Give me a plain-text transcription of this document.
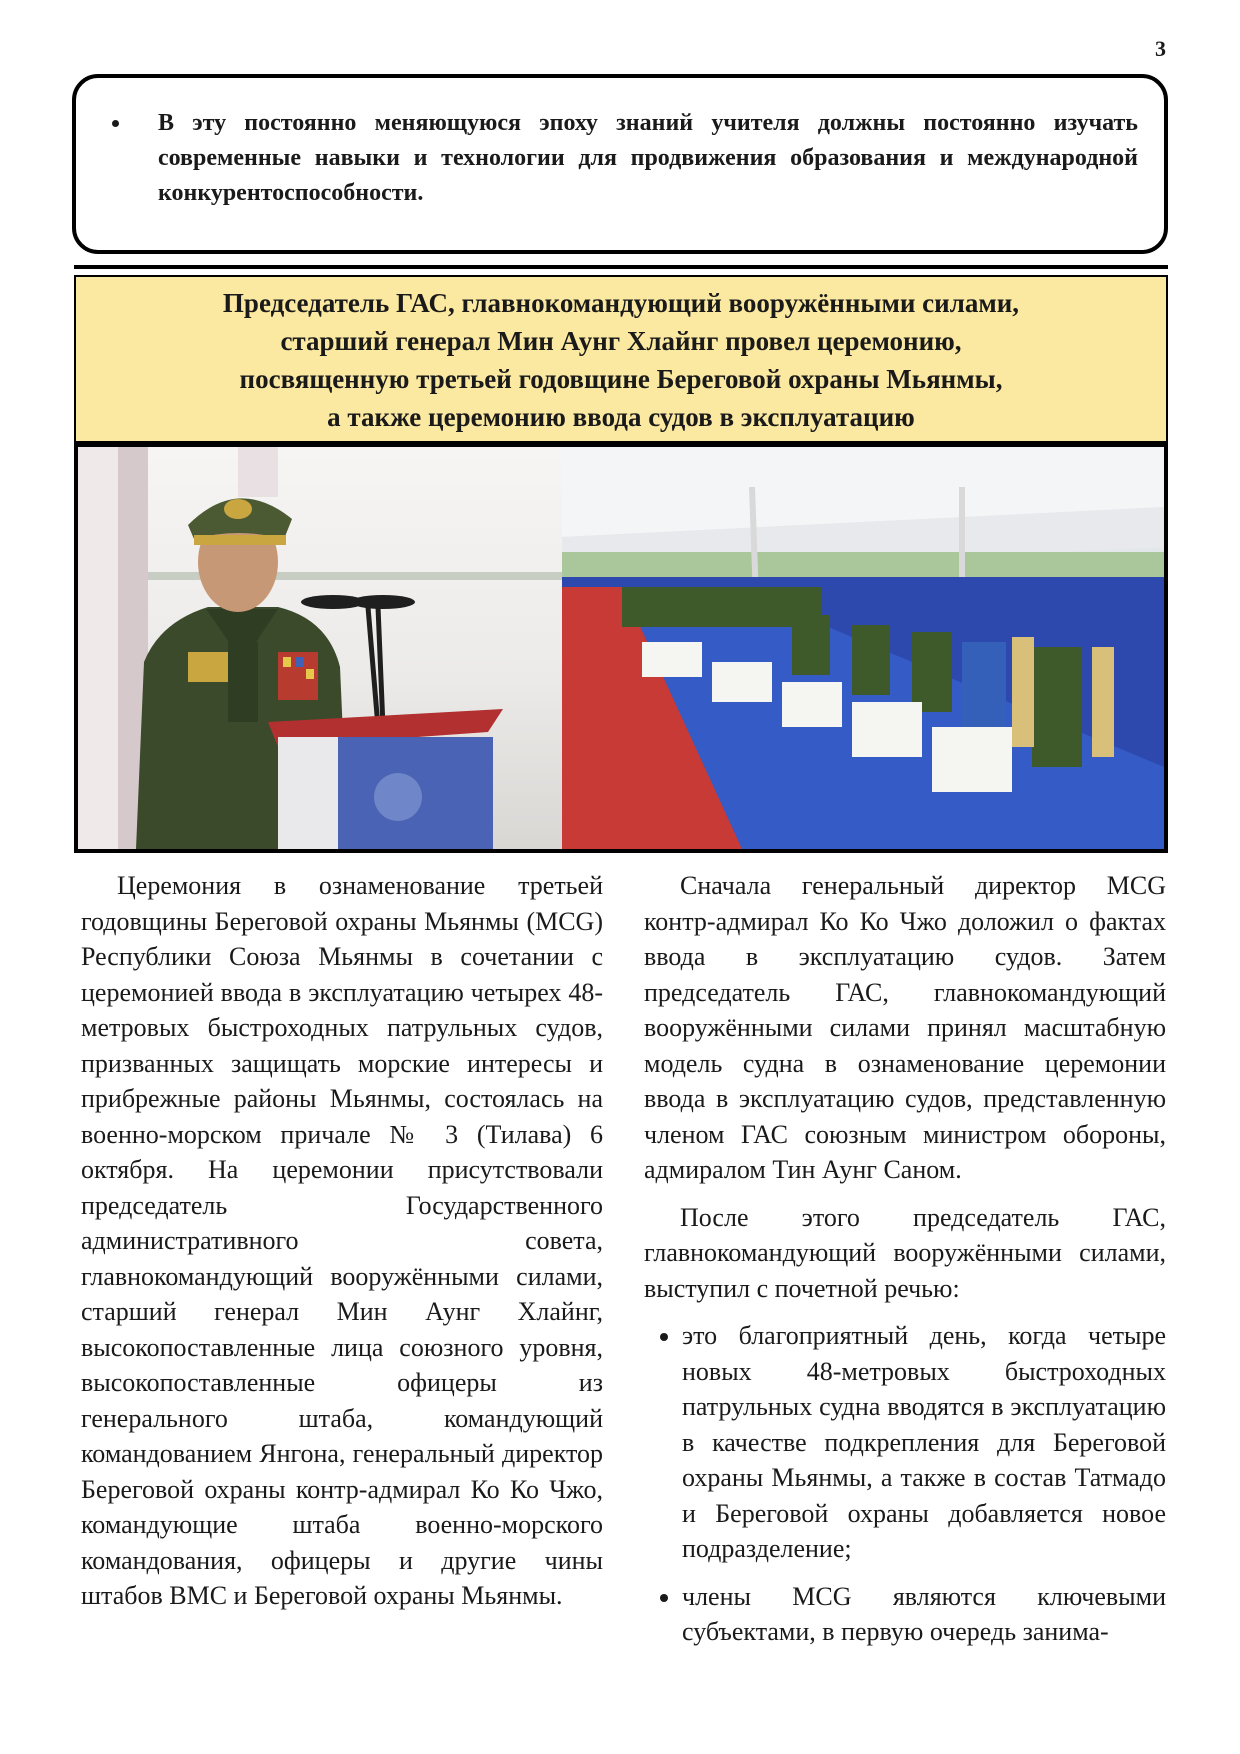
3
• В эту постоянно меняющуюся эпоху знаний учителя должны постоянно изучать современные навыки и технологии для продвижения образования и международной конкурентоспособности.
Председатель ГАС, главнокомандующий вооружёнными силами,
старший генерал Мин Аунг Хлайнг провел церемонию,
посвященную третьей годовщине Береговой охраны Мьянмы,
а также церемонию ввода судов в эксплуатацию

Церемония в ознаменование третьей годовщины Береговой охраны Мьянмы (MCG) Республики Союза Мьянмы в сочетании с церемонией ввода в эксплуатацию четырех 48-метровых быстроходных патрульных судов, призванных защищать морские интересы и прибрежные районы Мьянмы, состоялась на военно-морском причале № 3 (Тилава) 6 октября. На церемонии присутствовали председатель Государственного административного совета, главнокомандующий вооружёнными силами, старший генерал Мин Аунг Хлайнг, высокопоставленные лица союзного уровня, высокопоставленные офицеры из генерального штаба, командующий командованием Янгона, генеральный директор Береговой охраны контр-адмирал Ко Ко Чжо, командующие штаба военно-морского командования, офицеры и другие чины штабов ВМС и Береговой охраны Мьянмы.

Сначала генеральный директор MCG контр-адмирал Ко Ко Чжо доложил о фактах ввода в эксплуатацию судов. Затем председатель ГАС, главнокомандующий вооружёнными силами принял масштабную модель судна в ознаменование церемонии ввода в эксплуатацию судов, представленную членом ГАС союзным министром обороны, адмиралом Тин Аунг Саном.

После этого председатель ГАС, главнокомандующий вооружёнными силами, выступил с почетной речью:

• это благоприятный день, когда четыре новых 48-метровых быстроходных патрульных судна вводятся в эксплуатацию в качестве подкрепления для Береговой охраны Мьянмы, а также в состав Татмадо и Береговой охраны добавляется новое подразделение;
• члены MCG являются ключевыми субъектами, в первую очередь занима-
